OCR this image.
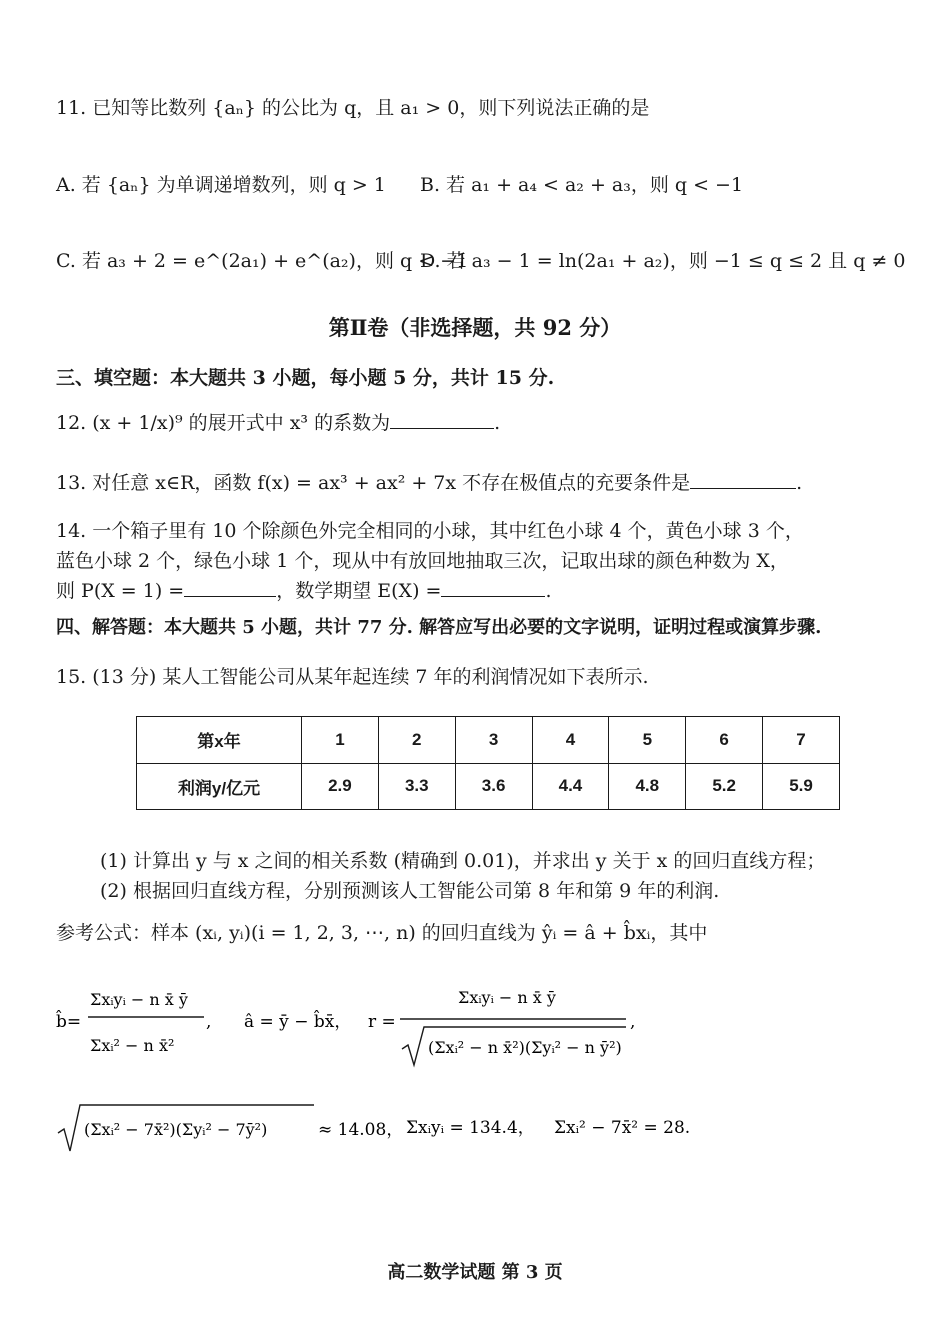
11. 已知等比数列 {aₙ} 的公比为 q，且 a₁ > 0，则下列说法正确的是
A. 若 {aₙ} 为单调递增数列，则 q > 1 B. 若 a₁ + a₄ < a₂ + a₃，则 q < −1
C. 若 a₃ + 2 = e^(2a₁) + e^(a₂)，则 q < −1
D. 若 a₃ − 1 = ln(2a₁ + a₂)，则 −1 ≤ q ≤ 2 且 q ≠ 0
第Ⅱ卷（非选择题，共 92 分）
三、填空题：本大题共 3 小题，每小题 5 分，共计 15 分.
12. (x + 1/x)⁹ 的展开式中 x³ 的系数为	.
13. 对任意 x∈R，函数 f(x) = ax³ + ax² + 7x 不存在极值点的充要条件是	.
14. 一个箱子里有 10 个除颜色外完全相同的小球，其中红色小球 4 个，黄色小球 3 个，
蓝色小球 2 个，绿色小球 1 个，现从中有放回地抽取三次，记取出球的颜色种数为 X，
则 P(X = 1) =	，数学期望 E(X) =	.
四、解答题：本大题共 5 小题，共计 77 分. 解答应写出必要的文字说明，证明过程或演算步骤.
15. (13 分) 某人工智能公司从某年起连续 7 年的利润情况如下表所示.
第x年	1	2	3	4	5	6	7
利润y/亿元	2.9	3.3	3.6	4.4	4.8	5.2	5.9
(1) 计算出 y 与 x 之间的相关系数 (精确到 0.01)，并求出 y 关于 x 的回归直线方程；
(2) 根据回归直线方程，分别预测该人工智能公司第 8 年和第 9 年的利润.
参考公式：样本 (xᵢ, yᵢ)(i = 1, 2, 3, ⋯, n) 的回归直线为 ŷᵢ = â + b̂xᵢ，其中
b̂=
Σxᵢyᵢ − n x̄ ȳ
Σxᵢ² − n x̄²
, â = ȳ − b̂x̄， r =
Σxᵢyᵢ − n x̄ ȳ
(Σxᵢ² − n x̄²)(Σyᵢ² − n ȳ²)
,
(Σxᵢ² − 7x̄²)(Σyᵢ² − 7ȳ²)	≈ 14.08， Σxᵢyᵢ = 134.4， Σxᵢ² − 7x̄² = 28.
高二数学试题 第 3 页
